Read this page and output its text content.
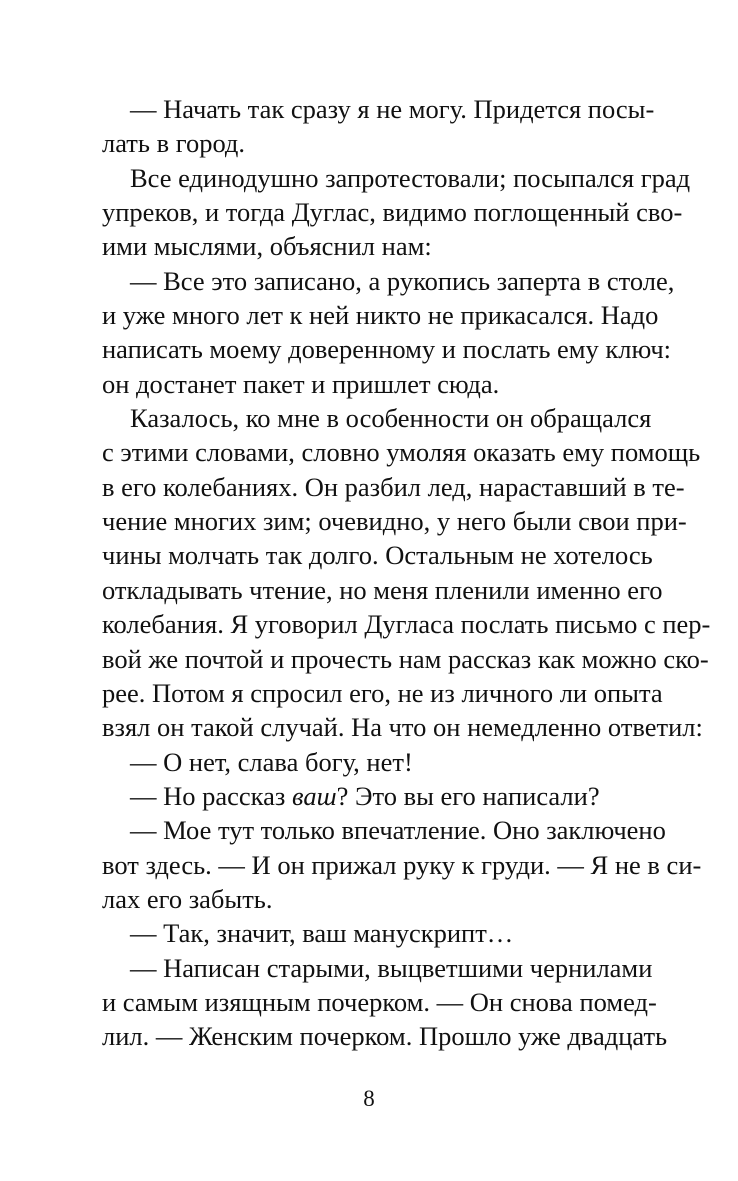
— Начать так сразу я не могу. Придется посы-
лать в город.
Все единодушно запротестовали; посыпался град
упреков, и тогда Дуглас, видимо поглощенный сво-
ими мыслями, объяснил нам:
— Все это записано, а рукопись заперта в столе,
и уже много лет к ней никто не прикасался. Надо
написать моему доверенному и послать ему ключ:
он достанет пакет и пришлет сюда.
Казалось, ко мне в особенности он обращался
с этими словами, словно умоляя оказать ему помощь
в его колебаниях. Он разбил лед, нараставший в те-
чение многих зим; очевидно, у него были свои при-
чины молчать так долго. Остальным не хотелось
откладывать чтение, но меня пленили именно его
колебания. Я уговорил Дугласа послать письмо с пер-
вой же почтой и прочесть нам рассказ как можно ско-
рее. Потом я спросил его, не из личного ли опыта
взял он такой случай. На что он немедленно ответил:
— О нет, слава богу, нет!
— Но рассказ ваш? Это вы его написали?
— Мое тут только впечатление. Оно заключено
вот здесь. — И он прижал руку к груди. — Я не в си-
лах его забыть.
— Так, значит, ваш манускрипт…
— Написан старыми, выцветшими чернилами
и самым изящным почерком. — Он снова помед-
лил. — Женским почерком. Прошло уже двадцать
8
